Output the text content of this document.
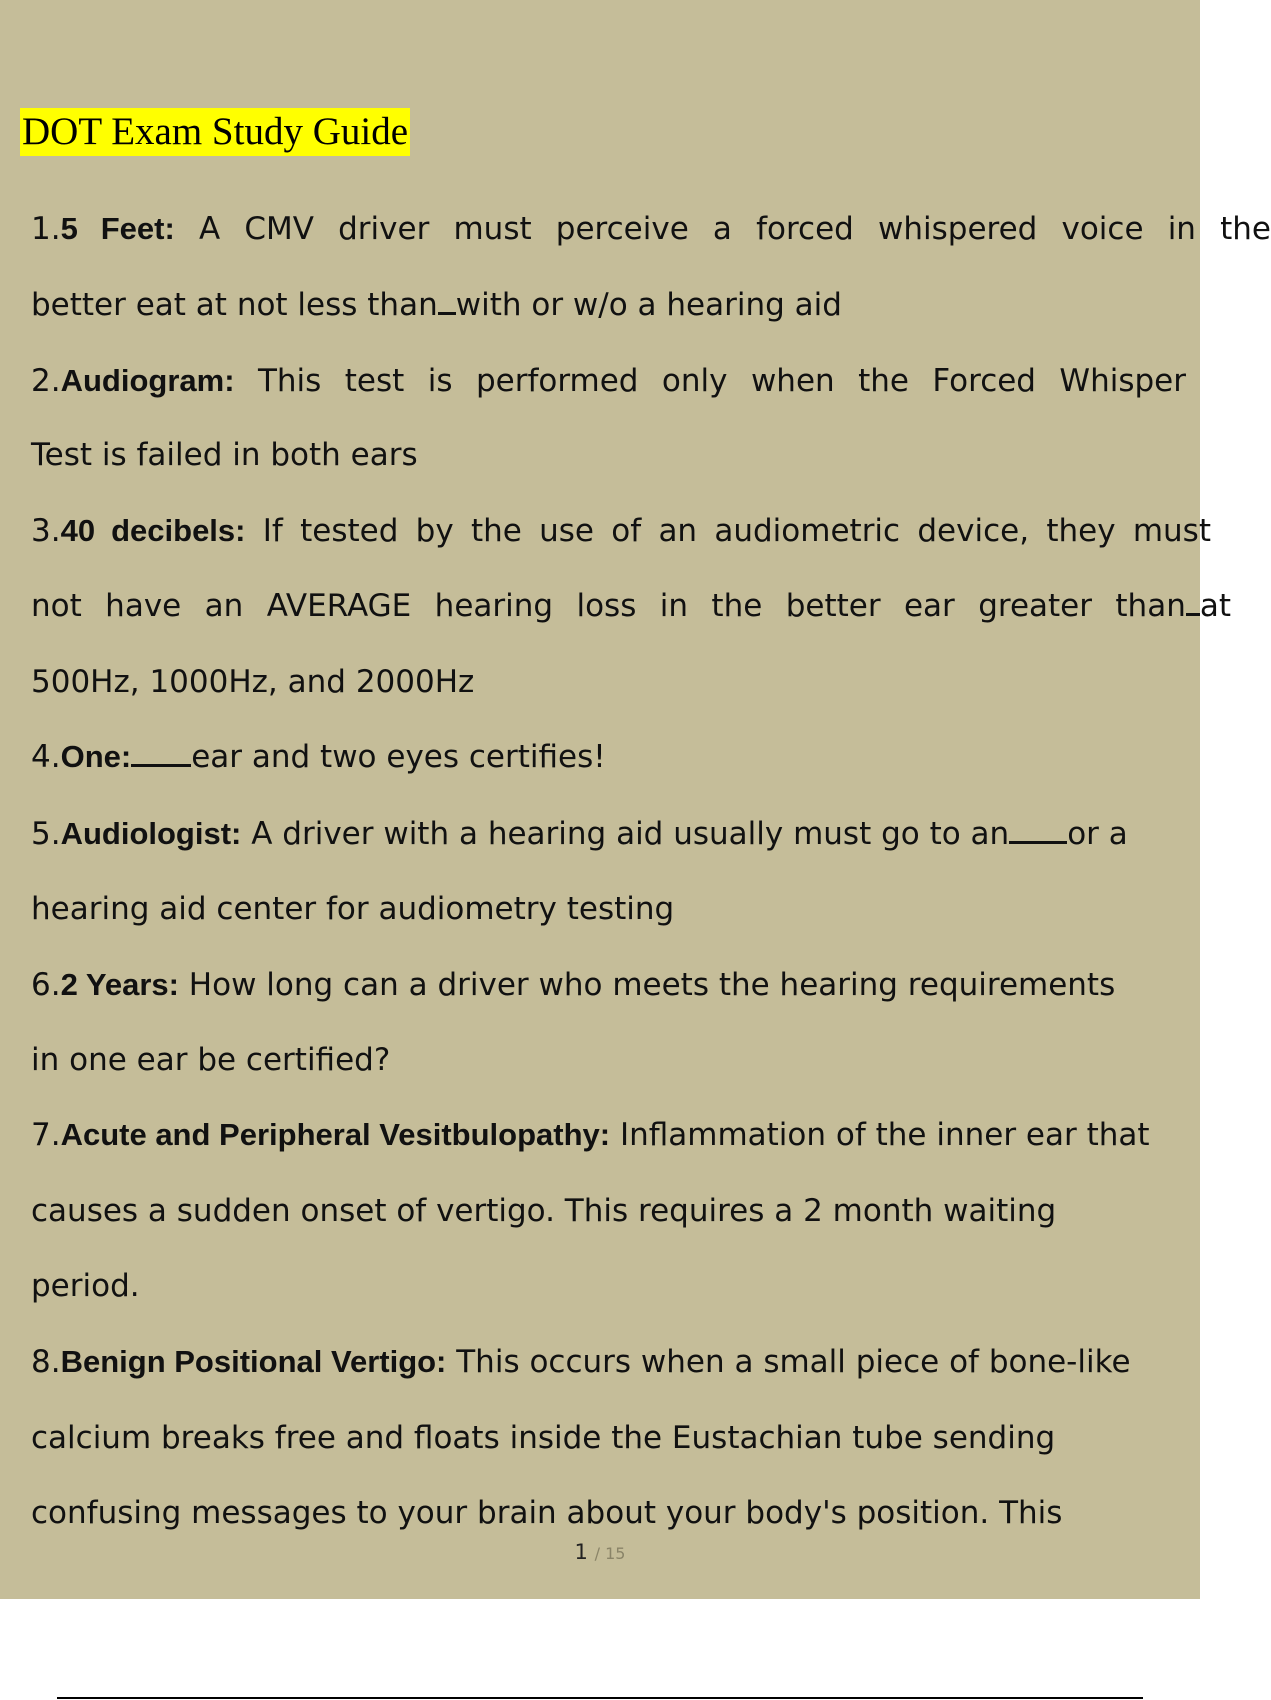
DOT Exam Study Guide
1.5 Feet: A CMV driver must perceive a forced whispered voice in the
better eat at not less than with or w/o a hearing aid
2.Audiogram: This test is performed only when the Forced Whisper
Test is failed in both ears
3.40 decibels: If tested by the use of an audiometric device, they must
not have an AVERAGE hearing loss in the better ear greater than at
500Hz, 1000Hz, and 2000Hz
4.One: ear and two eyes certifies!
5.Audiologist: A driver with a hearing aid usually must go to an or a
hearing aid center for audiometry testing
6.2 Years: How long can a driver who meets the hearing requirements
in one ear be certified?
7.Acute and Peripheral Vesitbulopathy: Inflammation of the inner ear that
causes a sudden onset of vertigo. This requires a 2 month waiting
period.
8.Benign Positional Vertigo: This occurs when a small piece of bone-like
calcium breaks free and floats inside the Eustachian tube sending
confusing messages to your brain about your body's position. This
1 / 15
